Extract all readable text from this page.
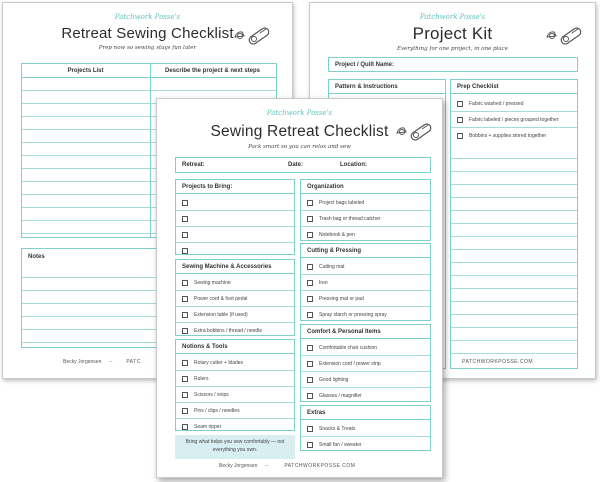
Patchwork Posse's
Retreat Sewing Checklist
Prep now so sewing stays fun later
Projects List	Describe the project & next steps
Notes
Becky Jorgensen ~	PATC
Patchwork Posse's
Project Kit
Everything for one project, in one place
Project / Quilt Name:
Pattern & Instructions	Prep Checklist
Fabric washed / pressed
Fabric labeled / pieces grouped together
Bobbins + supplies stored together
PATCHWORKPOSSE.COM
Patchwork Posse's
Sewing Retreat Checklist
Pack smart so you can relax and sew
Retreat:	Date:	Location:
Projects to Bring:
Sewing Machine & Accessories
Sewing machine
Power cord & foot pedal
Extension table (if used)
Extra bobbins / thread / needle
Notions & Tools
Rotary cutter + blades
Rulers
Scissors / snips
Pins / clips / needles
Seam ripper
Bring what helps you sew comfortably — not everything you own.
Organization
Project bags labeled
Trash bag or thread catcher
Notebook & pen
Cutting & Pressing
Cutting mat
Iron
Pressing mat or pad
Spray starch or pressing spray
Comfort & Personal Items
Comfortable chair cushion
Extension cord / power strip
Good lighting
Glasses / magnifier
Extras
Snacks & Treats
Small fan / sweater
Becky Jorgensen ~	PATCHWORKPOSSE.COM
